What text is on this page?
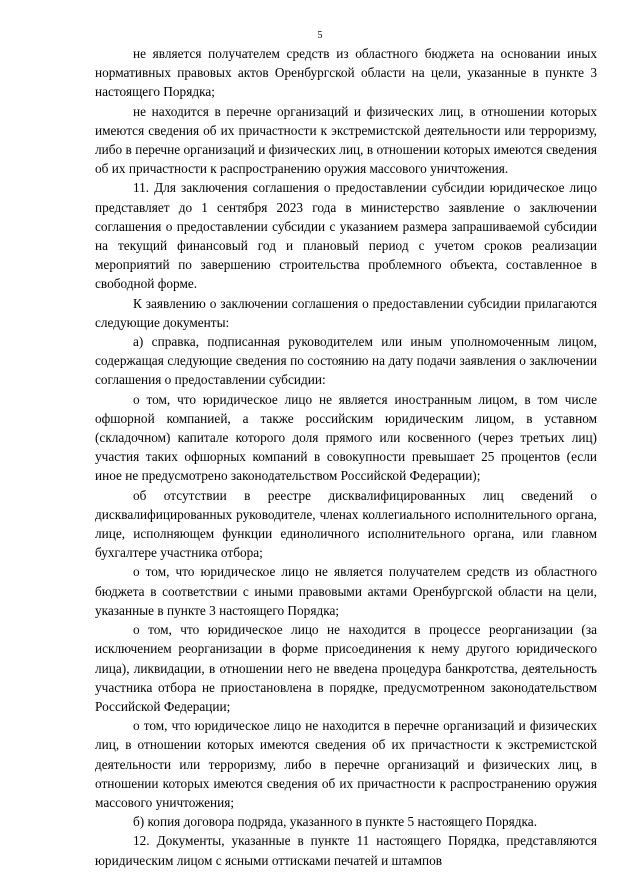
5

не является получателем средств из областного бюджета на основании иных нормативных правовых актов Оренбургской области на цели, указанные в пункте 3 настоящего Порядка;

не находится в перечне организаций и физических лиц, в отношении которых имеются сведения об их причастности к экстремистской деятельности или терроризму, либо в перечне организаций и физических лиц, в отношении которых имеются сведения об их причастности к распространению оружия массового уничтожения.

11. Для заключения соглашения о предоставлении субсидии юридическое лицо представляет до 1 сентября 2023 года в министерство заявление о заключении соглашения о предоставлении субсидии с указанием размера запрашиваемой субсидии на текущий финансовый год и плановый период с учетом сроков реализации мероприятий по завершению строительства проблемного объекта, составленное в свободной форме.

К заявлению о заключении соглашения о предоставлении субсидии прилагаются следующие документы:

а) справка, подписанная руководителем или иным уполномоченным лицом, содержащая следующие сведения по состоянию на дату подачи заявления о заключении соглашения о предоставлении субсидии:

о том, что юридическое лицо не является иностранным лицом, в том числе офшорной компанией, а также российским юридическим лицом, в уставном (складочном) капитале которого доля прямого или косвенного (через третьих лиц) участия таких офшорных компаний в совокупности превышает 25 процентов (если иное не предусмотрено законодательством Российской Федерации);

об отсутствии в реестре дисквалифицированных лиц сведений о дисквалифицированных руководителе, членах коллегиального исполнительного органа, лице, исполняющем функции единоличного исполнительного органа, или главном бухгалтере участника отбора;

о том, что юридическое лицо не является получателем средств из областного бюджета в соответствии с иными правовыми актами Оренбургской области на цели, указанные в пункте 3 настоящего Порядка;

о том, что юридическое лицо не находится в процессе реорганизации (за исключением реорганизации в форме присоединения к нему другого юридического лица), ликвидации, в отношении него не введена процедура банкротства, деятельность участника отбора не приостановлена в порядке, предусмотренном законодательством Российской Федерации;

о том, что юридическое лицо не находится в перечне организаций и физических лиц, в отношении которых имеются сведения об их причастности к экстремистской деятельности или терроризму, либо в перечне организаций и физических лиц, в отношении которых имеются сведения об их причастности к распространению оружия массового уничтожения;

б) копия договора подряда, указанного в пункте 5 настоящего Порядка.

12. Документы, указанные в пункте 11 настоящего Порядка, представляются юридическим лицом с ясными оттисками печатей и штампов
